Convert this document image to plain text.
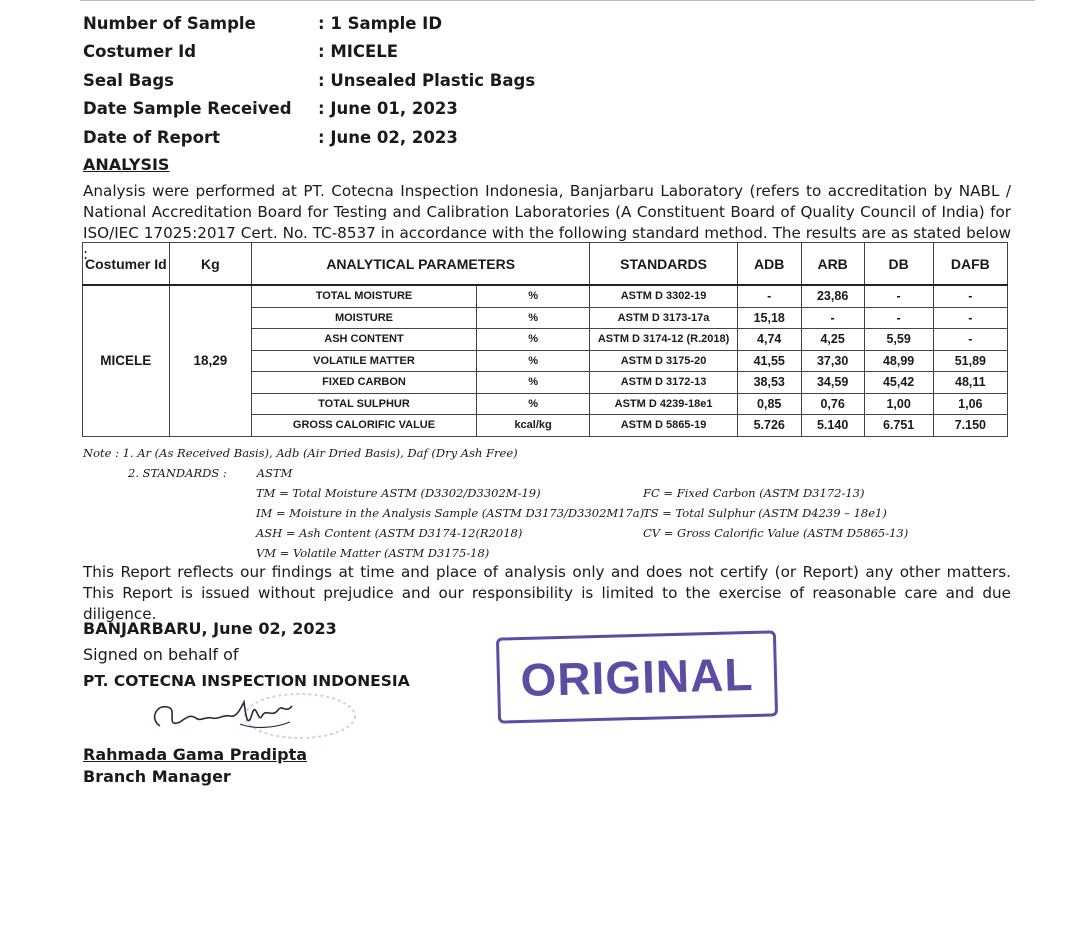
Number of Sample	: 1 Sample ID
Costumer Id	: MICELE
Seal Bags	: Unsealed Plastic Bags
Date Sample Received	: June 01, 2023
Date of Report	: June 02, 2023
ANALYSIS
Analysis were performed at PT. Cotecna Inspection Indonesia, Banjarbaru Laboratory (refers to accreditation by NABL / National Accreditation Board for Testing and Calibration Laboratories (A Constituent Board of Quality Council of India) for ISO/IEC 17025:2017 Cert. No. TC-8537 in accordance with the following standard method. The results are as stated below :
Costumer Id	Kg	ANALYTICAL PARAMETERS		STANDARDS	ADB	ARB	DB	DAFB
MICELE	18,29	TOTAL MOISTURE	%	ASTM D 3302-19	-	23,86	-	-
		MOISTURE	%	ASTM D 3173-17a	15,18	-	-	-
		ASH CONTENT	%	ASTM D 3174-12 (R.2018)	4,74	4,25	5,59	-
		VOLATILE MATTER	%	ASTM D 3175-20	41,55	37,30	48,99	51,89
		FIXED CARBON	%	ASTM D 3172-13	38,53	34,59	45,42	48,11
		TOTAL SULPHUR	%	ASTM D 4239-18e1	0,85	0,76	1,00	1,06
		GROSS CALORIFIC VALUE	kcal/kg	ASTM D 5865-19	5.726	5.140	6.751	7.150
Note : 1. Ar (As Received Basis), Adb (Air Dried Basis), Daf (Dry Ash Free)
2. STANDARDS :	ASTM
TM = Total Moisture ASTM (D3302/D3302M-19)
IM = Moisture in the Analysis Sample (ASTM D3173/D3302M17a)
ASH = Ash Content (ASTM D3174-12(R2018)
VM = Volatile Matter (ASTM D3175-18)
FC = Fixed Carbon (ASTM D3172-13)
TS = Total Sulphur (ASTM D4239 – 18e1)
CV = Gross Calorific Value (ASTM D5865-13)
This Report reflects our findings at time and place of analysis only and does not certify (or Report) any other matters. This Report is issued without prejudice and our responsibility is limited to the exercise of reasonable care and due diligence.
BANJARBARU, June 02, 2023
Signed on behalf of
PT. COTECNA INSPECTION INDONESIA
Rahmada Gama Pradipta
Branch Manager
ORIGINAL
